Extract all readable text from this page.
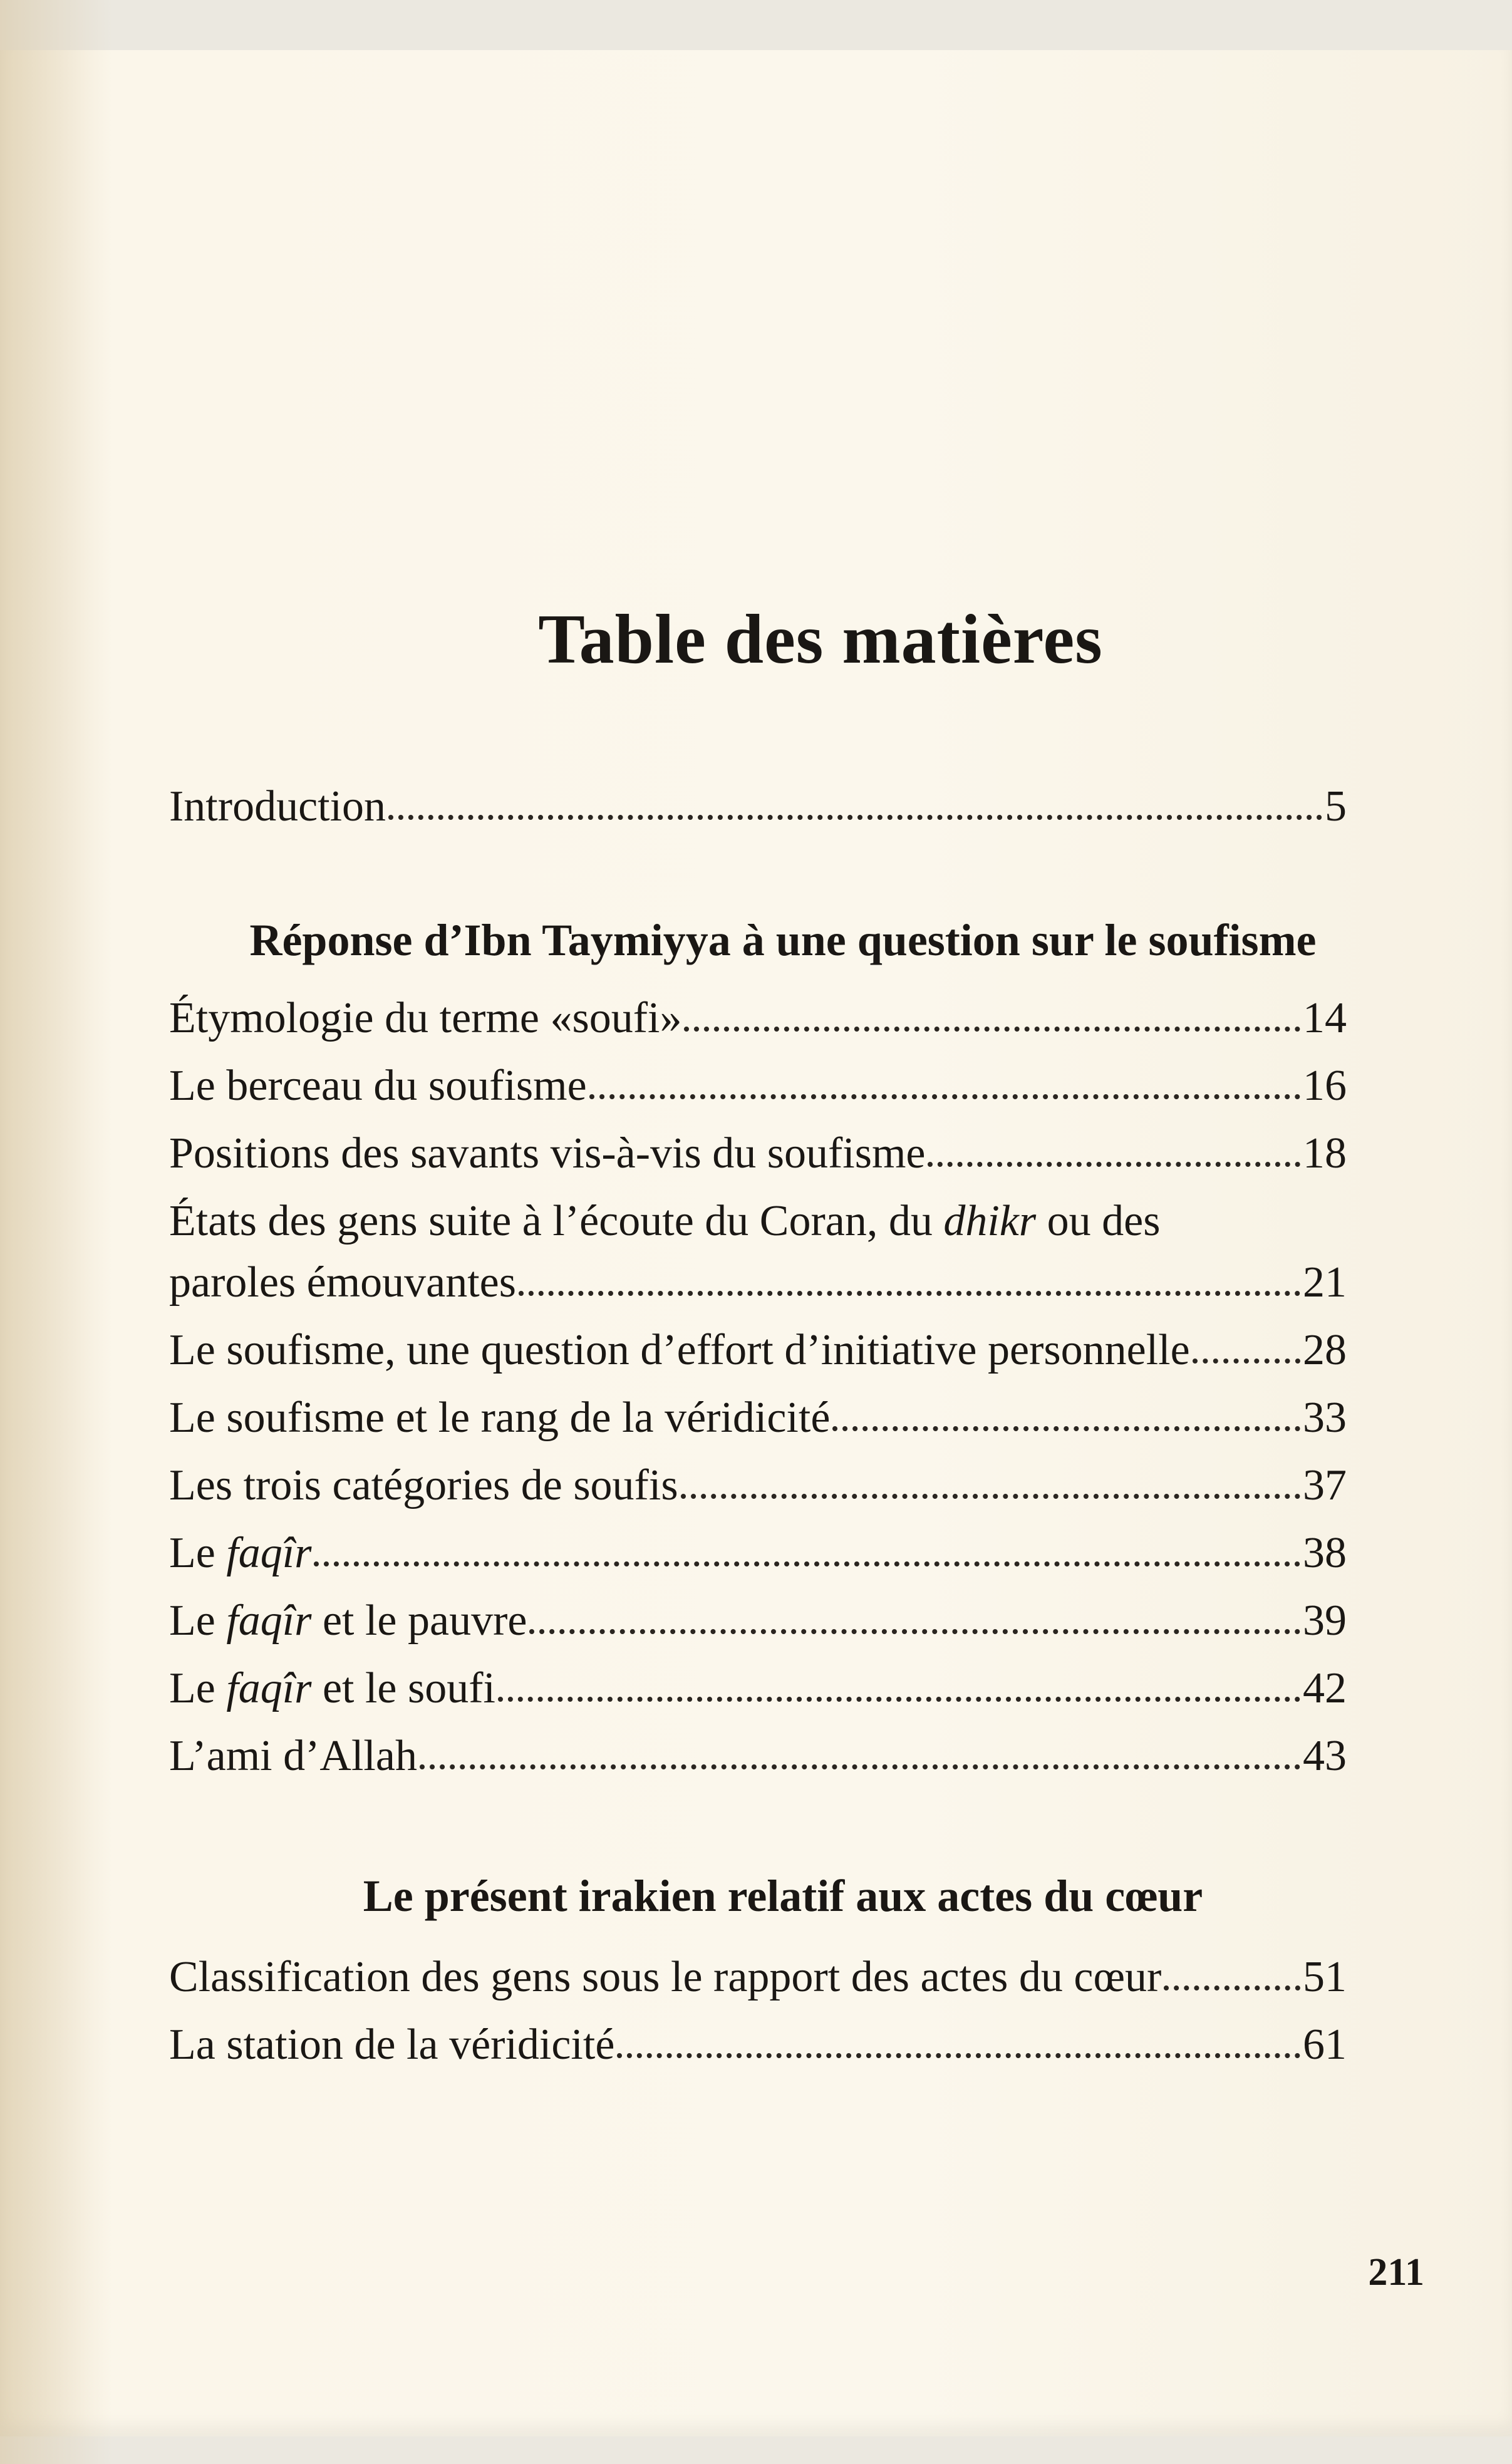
Table des matières
Introduction	5
Réponse d’Ibn Taymiyya à une question sur le soufisme
Étymologie du terme «soufi»	14
Le berceau du soufisme	16
Positions des savants vis-à-vis du soufisme	18
États des gens suite à l’écoute du Coran, du dhikr ou des
paroles émouvantes	21
Le soufisme, une question d’effort d’initiative personnelle	28
Le soufisme et le rang de la véridicité	33
Les trois catégories de soufis	37
Le faqîr	38
Le faqîr et le pauvre	39
Le faqîr et le soufi	42
L’ami d’Allah	43
Le présent irakien relatif aux actes du cœur
Classification des gens sous le rapport des actes du cœur	51
La station de la véridicité	61
211
